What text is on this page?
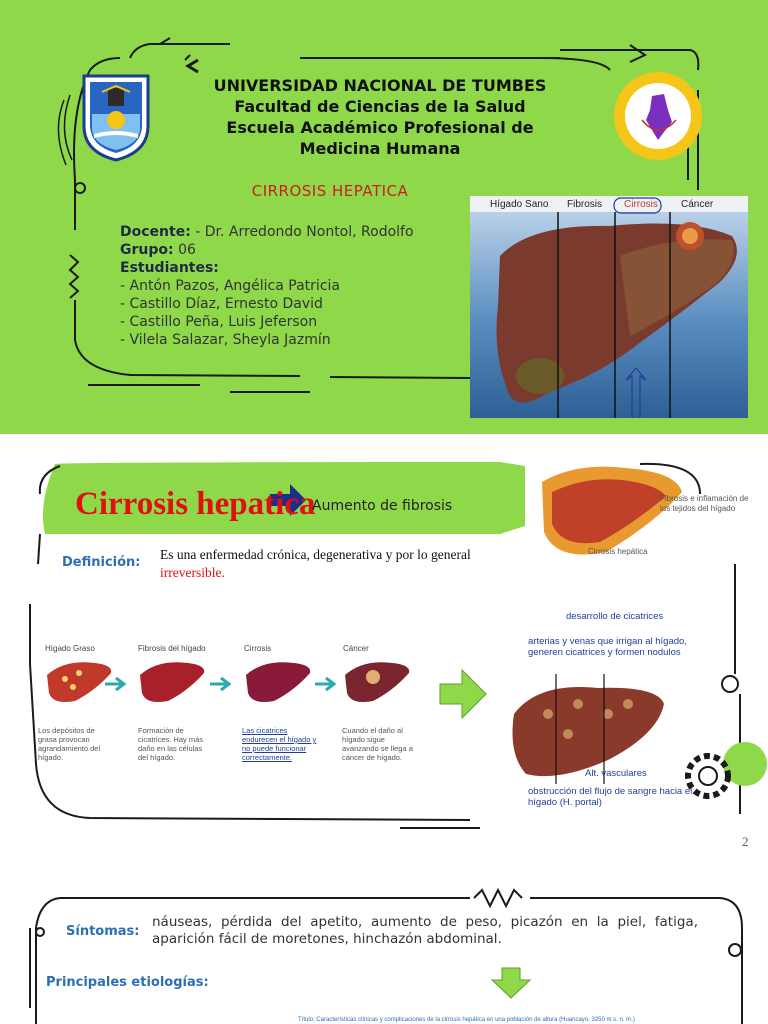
UNIVERSIDAD NACIONAL DE TUMBES
Facultad de Ciencias de la Salud
Escuela Académico Profesional de
Medicina Humana
CIRROSIS HEPATICA
Docente: - Dr. Arredondo Nontol, Rodolfo
Grupo: 06
Estudiantes:
- Antón Pazos, Angélica Patricia
- Castillo Díaz, Ernesto David
- Castillo Peña, Luis Jeferson
- Vilela Salazar, Sheyla Jazmín
Hígado Sano Fibrosis Cirrosis Cáncer
Cirrosis hepatica
Aumento de fibrosis	Fibrosis e inflamación de los tejidos del hígado
Cirrosis hepática
Definición:
Es una enfermedad crónica, degenerativa y por lo general
irreversible.
Hígado Graso	Fibrosis del hígado	Cirrosis	Cáncer
Los depósitos de grasa provocan agrandamiento del hígado.
Formación de cicatrices. Hay más daño en las células del hígado.
Las cicatrices endurecen el hígado y no puede funcionar correctamente.
Cuando el daño al hígado sigue avanzando se llega a cáncer de hígado.
desarrollo de cicatrices
arterias y venas que irrigan al hígado, generen cicatrices y formen nodulos
Alt. vasculares
obstrucción del flujo de sangre hacia el hígado (H. portal)
2
Síntomas:
náuseas, pérdida del apetito, aumento de peso, picazón en la piel, fatiga, aparición fácil de moretones, hinchazón abdominal.
Principales etiologías:
Título: Características clínicas y complicaciones de la cirrosis hepática en una población de altura (Huancayo, 3250 m s. n. m.)
